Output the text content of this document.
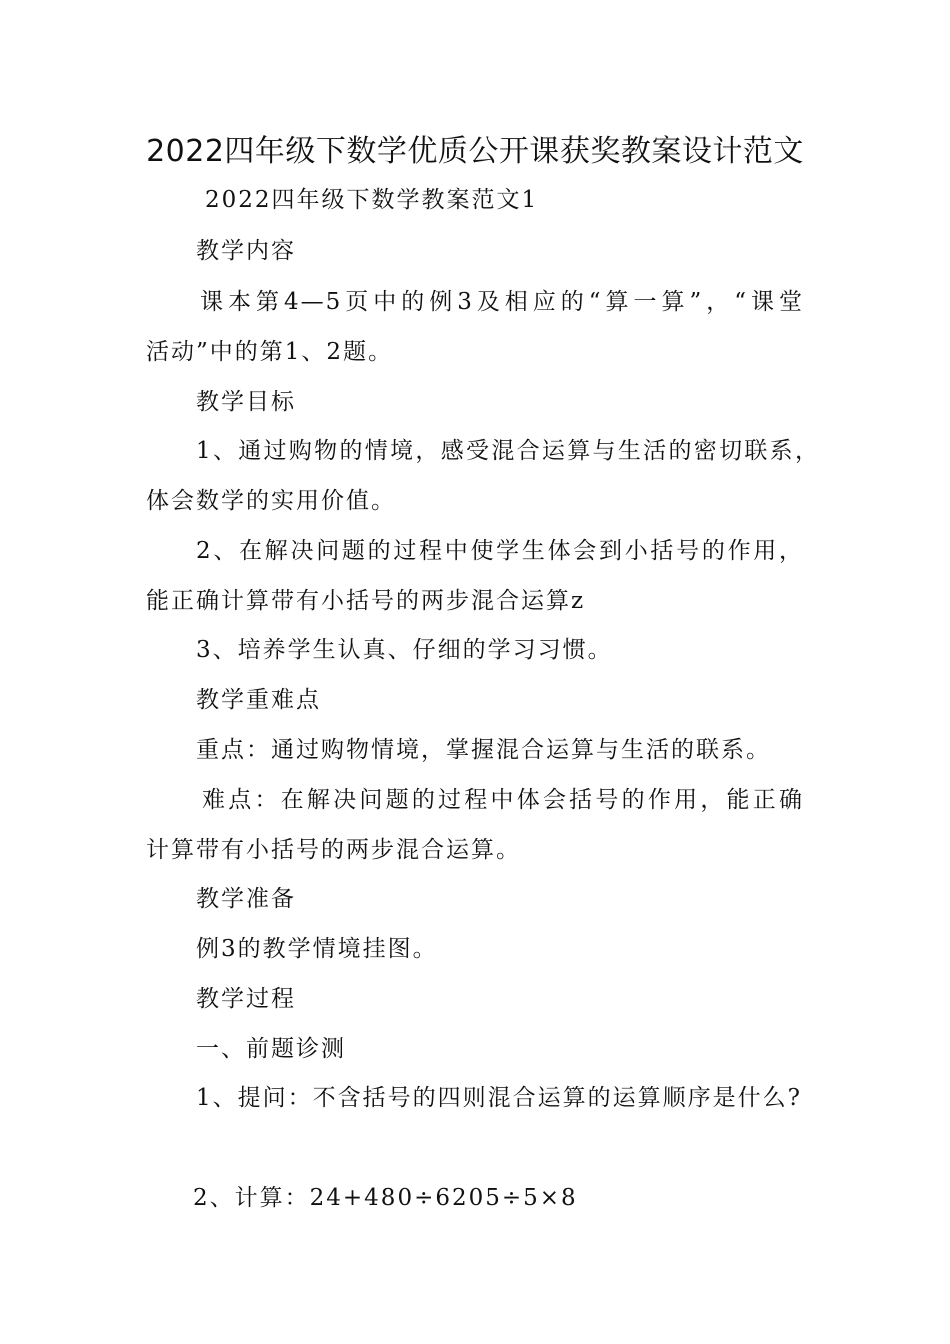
2022四年级下数学优质公开课获奖教案设计范文

2022四年级下数学教案范文1

教学内容

课本第4—5页中的例3及相应的“算一算”，“课堂

活动”中的第1、2题。

教学目标

1、通过购物的情境，感受混合运算与生活的密切联系，

体会数学的实用价值。

2、在解决问题的过程中使学生体会到小括号的作用，

能正确计算带有小括号的两步混合运算z

3、培养学生认真、仔细的学习习惯。

教学重难点

重点：通过购物情境，掌握混合运算与生活的联系。

难点：在解决问题的过程中体会括号的作用，能正确

计算带有小括号的两步混合运算。

教学准备

例3的教学情境挂图。

教学过程

一、前题诊测

1、提问：不含括号的四则混合运算的运算顺序是什么?

2、计算：24+480÷6205÷5×8
